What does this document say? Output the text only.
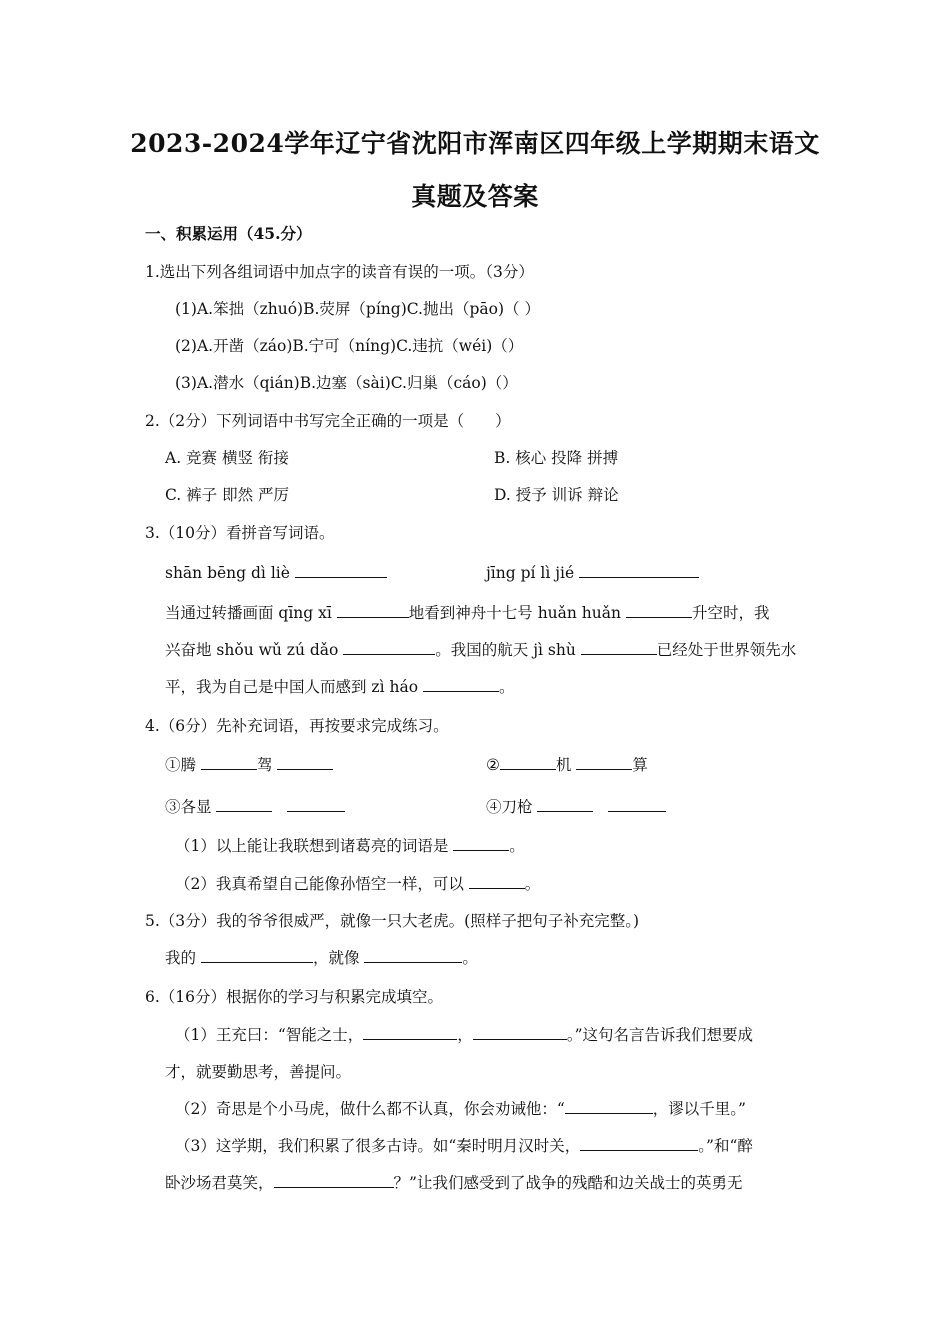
2023-2024学年辽宁省沈阳市浑南区四年级上学期期末语文
真题及答案
一、积累运用（45.分）
1.选出下列各组词语中加点字的读音有误的一项。（3分）
(1)A.笨拙（zhuó)B.荧屏（píng)C.抛出（pāo)（ ）
(2)A.开凿（záo)B.宁可（níng)C.违抗（wéi)（）
(3)A.潜水（qián)B.边塞（sài)C.归巢（cáo)（）
2.（2分）下列词语中书写完全正确的一项是（　　）
A. 竞赛 横竖 衔接	B. 核心 投降 拼搏
C. 裤子 即然 严厉	D. 授予 训诉 辩论
3.（10分）看拼音写词语。
shān bēng dì liè	jīng pí lì jié
当通过转播画面 qīng xī	地看到神舟十七号 huǎn huǎn	升空时，我
兴奋地 shǒu wǔ zú dǎo	。我国的航天 jì shù	已经处于世界领先水
平，我为自己是中国人而感到 zì háo	。
4.（6分）先补充词语，再按要求完成练习。
①腾	驾	②	机	算
③各显	④刀枪
（1）以上能让我联想到诸葛亮的词语是	。
（2）我真希望自己能像孙悟空一样，可以	。
5.（3分）我的爷爷很威严，就像一只大老虎。(照样子把句子补充完整。)
我的	，就像	。
6.（16分）根据你的学习与积累完成填空。
（1）王充曰：“智能之士，	，	。”这句名言告诉我们想要成
才，就要勤思考，善提问。
（2）奇思是个小马虎，做什么都不认真，你会劝诫他：“	，谬以千里。”
（3）这学期，我们积累了很多古诗。如“秦时明月汉时关，	。”和“醉
卧沙场君莫笑，	？”让我们感受到了战争的残酷和边关战士的英勇无
